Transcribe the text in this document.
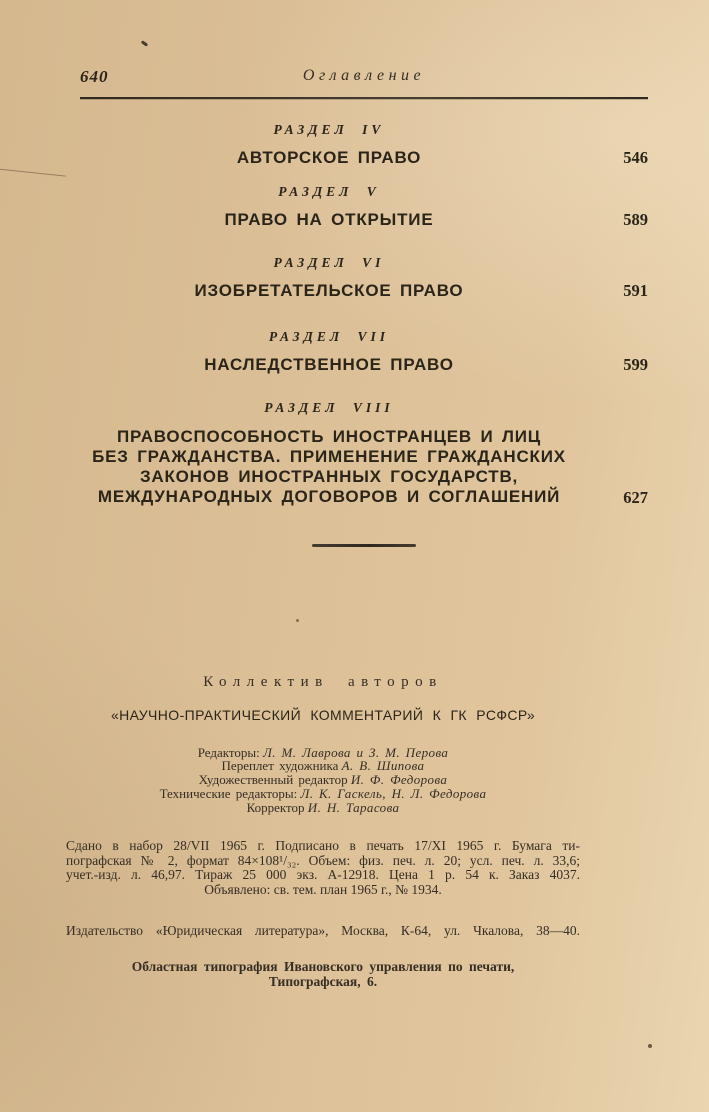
640	Оглавление
РАЗДЕЛ IV
АВТОРСКОЕ ПРАВО	546
РАЗДЕЛ V
ПРАВО НА ОТКРЫТИЕ	589
РАЗДЕЛ VI
ИЗОБРЕТАТЕЛЬСКОЕ ПРАВО	591
РАЗДЕЛ VII
НАСЛЕДСТВЕННОЕ ПРАВО	599
РАЗДЕЛ VIII
ПРАВОСПОСОБНОСТЬ ИНОСТРАНЦЕВ И ЛИЦ
БЕЗ ГРАЖДАНСТВА. ПРИМЕНЕНИЕ ГРАЖДАНСКИХ
ЗАКОНОВ ИНОСТРАННЫХ ГОСУДАРСТВ,
МЕЖДУНАРОДНЫХ ДОГОВОРОВ И СОГЛАШЕНИЙ	627
Коллектив авторов
«НАУЧНО-ПРАКТИЧЕСКИЙ КОММЕНТАРИЙ К ГК РСФСР»
Редакторы: Л. М. Лаврова и З. М. Перова
Переплет художника А. В. Шипова
Художественный редактор И. Ф. Федорова
Технические редакторы: Л. К. Гаскель, Н. Л. Федорова
Корректор И. Н. Тарасова
Сдано в набор 28/VII 1965 г. Подписано в печать 17/XI 1965 г. Бумага ти-
пографская № 2, формат 84×108¹/₃₂. Объем: физ. печ. л. 20; усл. печ. л. 33,6;
учет.-изд. л. 46,97. Тираж 25 000 экз. А-12918. Цена 1 р. 54 к. Заказ 4037.
Объявлено: св. тем. план 1965 г., № 1934.
Издательство «Юридическая литература», Москва, К-64, ул. Чкалова, 38—40.
Областная типография Ивановского управления по печати,
Типографская, 6.
